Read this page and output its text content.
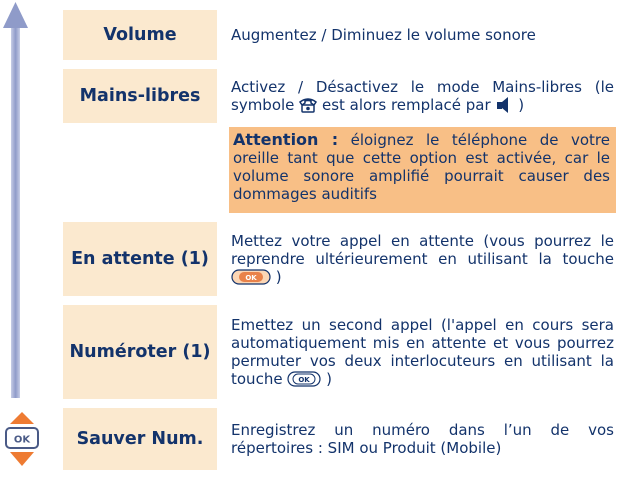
OK
Volume	Augmentez / Diminuez le volume sonore
Mains-libres Activez / Désactivez le mode Mains-libres (le symbole est alors remplacé par )
Attention : éloignez le téléphone de votre oreille tant que cette option est activée, car le volume sonore amplifié pourrait causer des dommages auditifs
En attente (1)
Mettez votre appel en attente (vous pourrez le reprendre ultérieurement en utilisant la touche
OK )
Numéroter (1)
Emettez un second appel (l'appel en cours sera automatiquement mis en attente et vous pourrez permuter vos deux interlocuteurs en utilisant la touche OK )
Sauver Num. Enregistrez un numéro dans l’un de vos répertoires : SIM ou Produit (Mobile)
